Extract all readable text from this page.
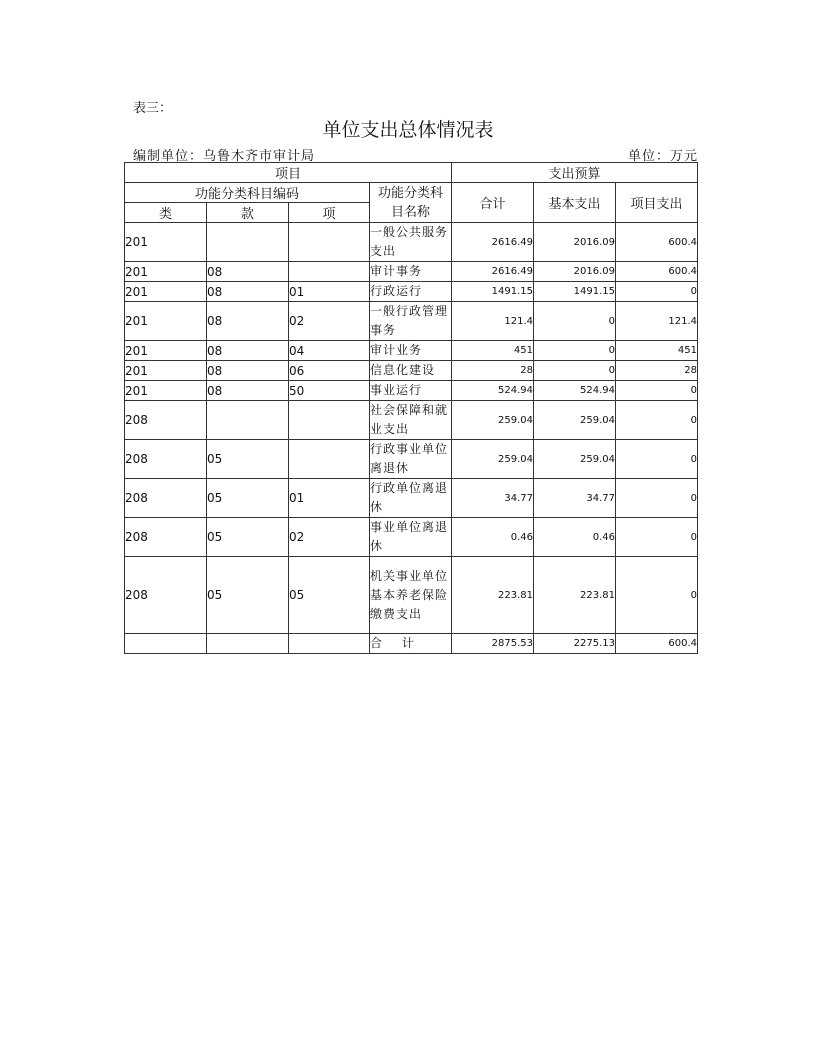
表三：
单位支出总体情况表
编制单位：乌鲁木齐市审计局	单位：万元
项目				支出预算		
功能分类科目编码			功能分类科目名称	合计	基本支出	项目支出
类	款	项				
201			一般公共服务支出	2616.49	2016.09	600.4
201	08		审计事务	2616.49	2016.09	600.4
201	08	01	行政运行	1491.15	1491.15	0
201	08	02	一般行政管理事务	121.4	0	121.4
201	08	04	审计业务	451	0	451
201	08	06	信息化建设	28	0	28
201	08	50	事业运行	524.94	524.94	0
208			社会保障和就业支出	259.04	259.04	0
208	05		行政事业单位离退休	259.04	259.04	0
208	05	01	行政单位离退休	34.77	34.77	0
208	05	02	事业单位离退休	0.46	0.46	0
208	05	05	机关事业单位基本养老保险缴费支出	223.81	223.81	0
			合 计	2875.53	2275.13	600.4
